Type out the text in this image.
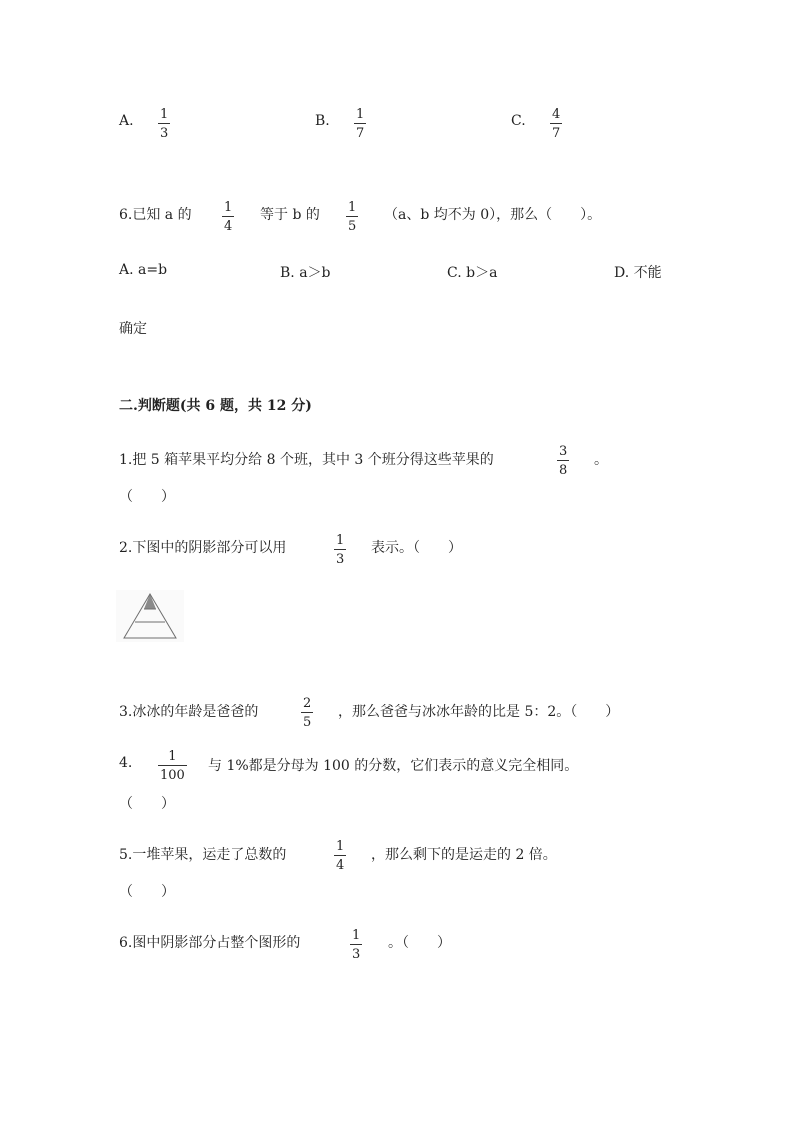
A. $\frac{1}{3}$	B. $\frac{1}{7}$	C. $\frac{4}{7}$
6.已知 a 的 $\frac{1}{4}$ 等于 b 的 $\frac{1}{5} (a$、b 均不为 0），那么（　　）。
A. a=b	B. a＞b	C. b＞a	D. 不能
确定
二.判断题(共 6 题，共 12 分)
1.把 5 箱苹果平均分给 8 个班，其中 3 个班分得这些苹果的	$\frac{3}{8}$ 。
（　　）
2.下图中的阴影部分可以用	$\frac{1}{3}$ 表示。（　　）
3.冰冰的年龄是爸爸的	$\frac{2}{5}$ ，那么爸爸与冰冰年龄的比是 5：2。（　　）
4. $\frac{1}{100}$ 与 1%都是分母为 100 的分数，它们表示的意义完全相同。
（　　）
5.一堆苹果，运走了总数的	$\frac{1}{4}$ ，那么剩下的是运走的 2 倍。
（　　）
6.图中阴影部分占整个图形的	$\frac{1}{3}$ 。（　　）
